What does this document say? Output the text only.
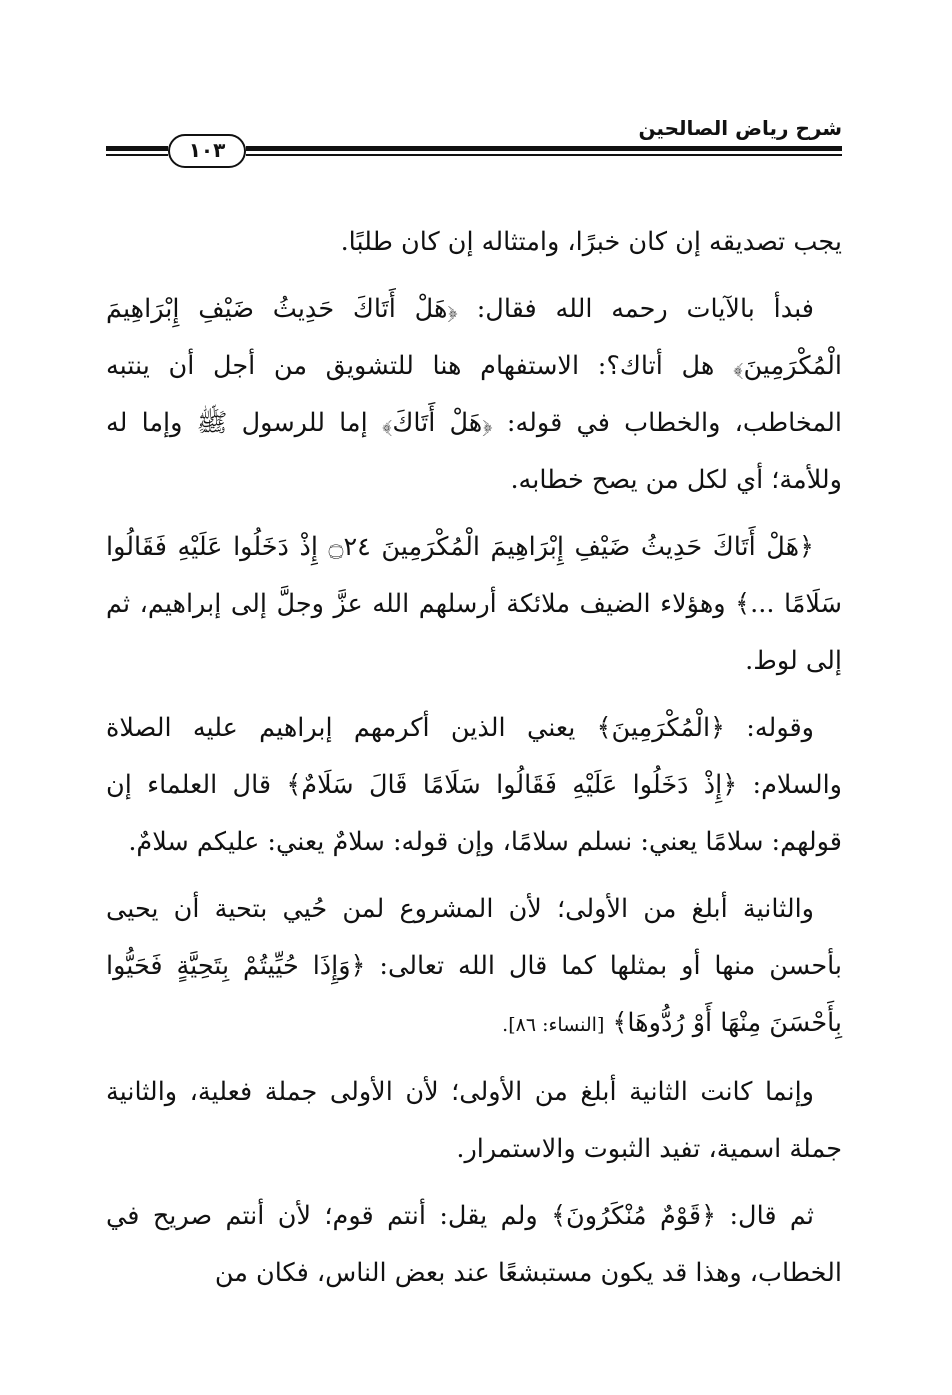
شرح رياض الصالحين
١٠٣

يجب تصديقه إن كان خبرًا، وامتثاله إن كان طلبًا.

فبدأ بالآيات رحمه الله فقال: ﴿هَلْ أَتَاكَ حَدِيثُ ضَيْفِ إِبْرَاهِيمَ الْمُكْرَمِينَ﴾ هل أتاك؟: الاستفهام هنا للتشويق من أجل أن ينتبه المخاطب، والخطاب في قوله: ﴿هَلْ أَتَاكَ﴾ إما للرسول ﷺ وإما له وللأمة؛ أي لكل من يصح خطابه.

﴿هَلْ أَتَاكَ حَدِيثُ ضَيْفِ إِبْرَاهِيمَ الْمُكْرَمِينَ ۝٢٤ إِذْ دَخَلُوا عَلَيْهِ فَقَالُوا سَلَامًا ...﴾ وهؤلاء الضيف ملائكة أرسلهم الله عزَّ وجلَّ إلى إبراهيم، ثم إلى لوط.

وقوله: ﴿الْمُكْرَمِينَ﴾ يعني الذين أكرمهم إبراهيم عليه الصلاة والسلام: ﴿إِذْ دَخَلُوا عَلَيْهِ فَقَالُوا سَلَامًا قَالَ سَلَامٌ﴾ قال العلماء إن قولهم: سلامًا يعني: نسلم سلامًا، وإن قوله: سلامٌ يعني: عليكم سلامٌ.

والثانية أبلغ من الأولى؛ لأن المشروع لمن حُيي بتحية أن يحيى بأحسن منها أو بمثلها كما قال الله تعالى: ﴿وَإِذَا حُيِّيتُمْ بِتَحِيَّةٍ فَحَيُّوا بِأَحْسَنَ مِنْهَا أَوْ رُدُّوهَا﴾ [النساء: ٨٦].

وإنما كانت الثانية أبلغ من الأولى؛ لأن الأولى جملة فعلية، والثانية جملة اسمية، تفيد الثبوت والاستمرار.

ثم قال: ﴿قَوْمٌ مُنْكَرُونَ﴾ ولم يقل: أنتم قوم؛ لأن أنتم صريح في الخطاب، وهذا قد يكون مستبشعًا عند بعض الناس، فكان من
